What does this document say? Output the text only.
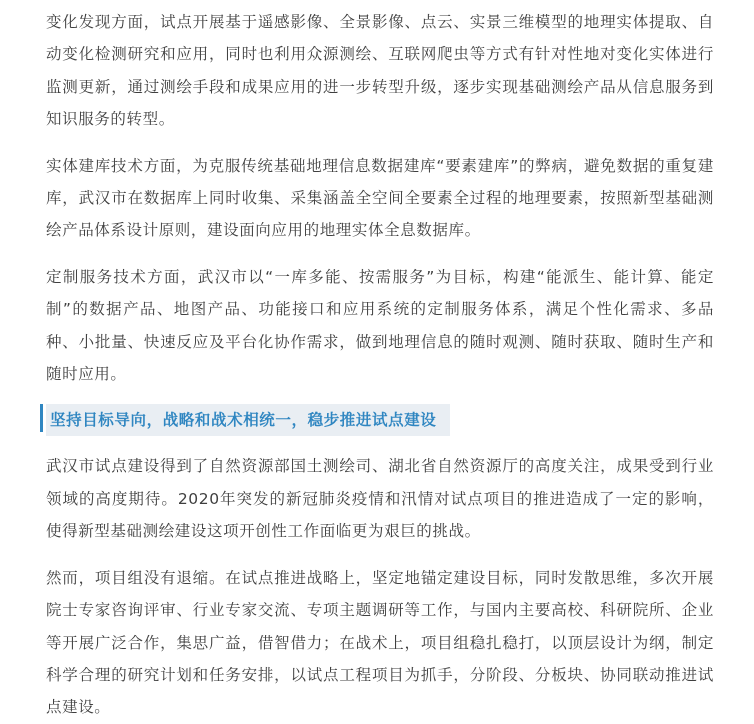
变化发现方面，试点开展基于遥感影像、全景影像、点云、实景三维模型的地理实体提取、自动变化检测研究和应用，同时也利用众源测绘、互联网爬虫等方式有针对性地对变化实体进行监测更新，通过测绘手段和成果应用的进一步转型升级，逐步实现基础测绘产品从信息服务到知识服务的转型。

实体建库技术方面，为克服传统基础地理信息数据建库“要素建库”的弊病，避免数据的重复建库，武汉市在数据库上同时收集、采集涵盖全空间全要素全过程的地理要素，按照新型基础测绘产品体系设计原则，建设面向应用的地理实体全息数据库。

定制服务技术方面，武汉市以“一库多能、按需服务”为目标，构建“能派生、能计算、能定制”的数据产品、地图产品、功能接口和应用系统的定制服务体系，满足个性化需求、多品种、小批量、快速反应及平台化协作需求，做到地理信息的随时观测、随时获取、随时生产和随时应用。

坚持目标导向，战略和战术相统一，稳步推进试点建设

武汉市试点建设得到了自然资源部国土测绘司、湖北省自然资源厅的高度关注，成果受到行业领域的高度期待。2020年突发的新冠肺炎疫情和汛情对试点项目的推进造成了一定的影响，使得新型基础测绘建设这项开创性工作面临更为艰巨的挑战。

然而，项目组没有退缩。在试点推进战略上，坚定地锚定建设目标，同时发散思维，多次开展院士专家咨询评审、行业专家交流、专项主题调研等工作，与国内主要高校、科研院所、企业等开展广泛合作，集思广益，借智借力；在战术上，项目组稳扎稳打，以顶层设计为纲，制定科学合理的研究计划和任务安排，以试点工程项目为抓手，分阶段、分板块、协同联动推进试点建设。
